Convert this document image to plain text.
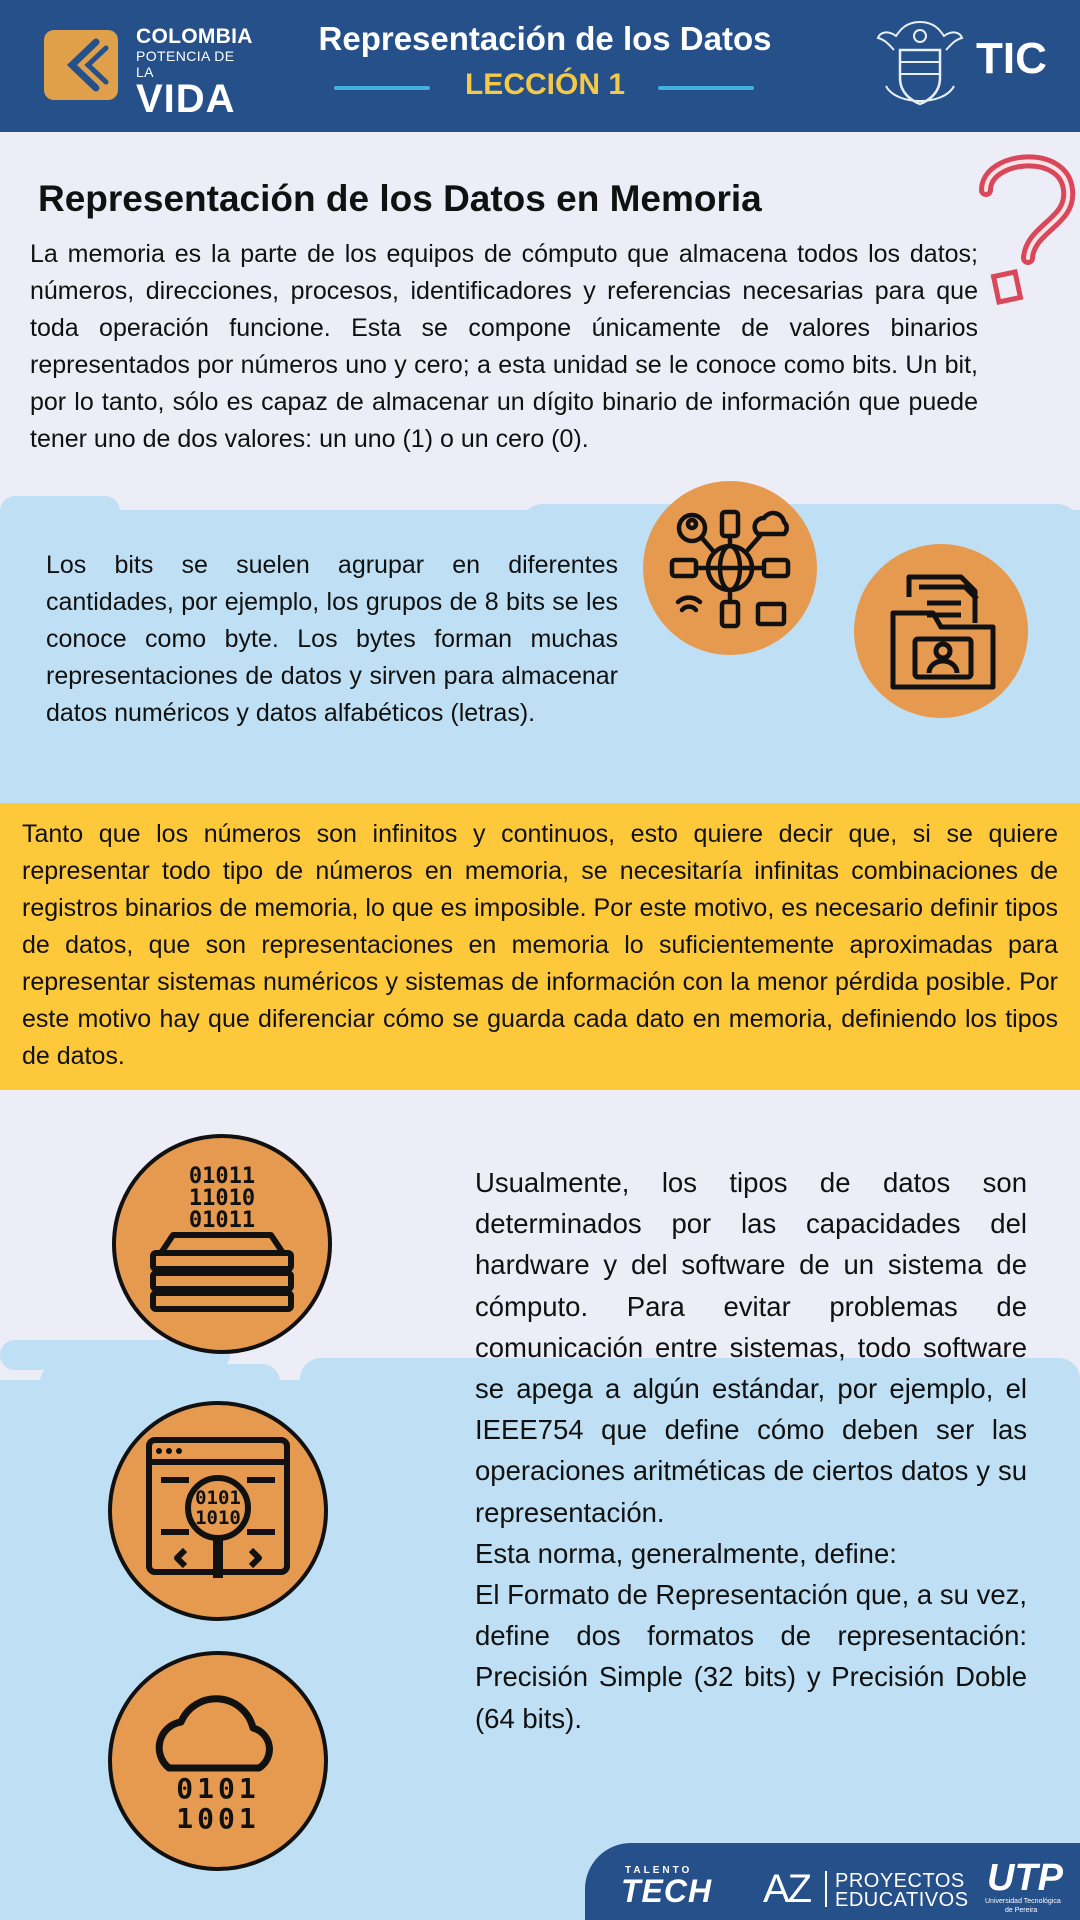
COLOMBIA
POTENCIA DE LA
VIDA
Representación de los Datos
LECCIÓN 1
TIC
Representación de los Datos en Memoria
La memoria es la parte de los equipos de cómputo que almacena todos los datos; números, direcciones, procesos, identificadores y referencias necesarias para que toda operación funcione. Esta se compone únicamente de valores binarios representados por números uno y cero; a esta unidad se le conoce como bits. Un bit, por lo tanto, sólo es capaz de almacenar un dígito binario de información que puede tener uno de dos valores: un uno (1) o un cero (0).
Los bits se suelen agrupar en diferentes cantidades, por ejemplo, los grupos de 8 bits se les conoce como byte. Los bytes forman muchas representaciones de datos y sirven para almacenar datos numéricos y datos alfabéticos (letras).
Tanto que los números son infinitos y continuos, esto quiere decir que, si se quiere representar todo tipo de números en memoria, se necesitaría infinitas combinaciones de registros binarios de memoria, lo que es imposible. Por este motivo, es necesario definir tipos de datos, que son representaciones en memoria lo suficientemente aproximadas para representar sistemas numéricos y sistemas de información con la menor pérdida posible. Por este motivo hay que diferenciar cómo se guarda cada dato en memoria, definiendo los tipos de datos.
Usualmente, los tipos de datos son determinados por las capacidades del hardware y del software de un sistema de cómputo. Para evitar problemas de comunicación entre sistemas, todo software se apega a algún estándar, por ejemplo, el IEEE754 que define cómo deben ser las operaciones aritméticas de ciertos datos y su representación.
Esta norma, generalmente, define:
El Formato de Representación que, a su vez, define dos formatos de representación: Precisión Simple (32 bits) y Precisión Doble (64 bits).
01011
11010
01011
0101
1010
0101
1001
TALENTO
TECH AZ PROYECTOS
EDUCATIVOS
UTP
Universidad Tecnológica
de Pereira
